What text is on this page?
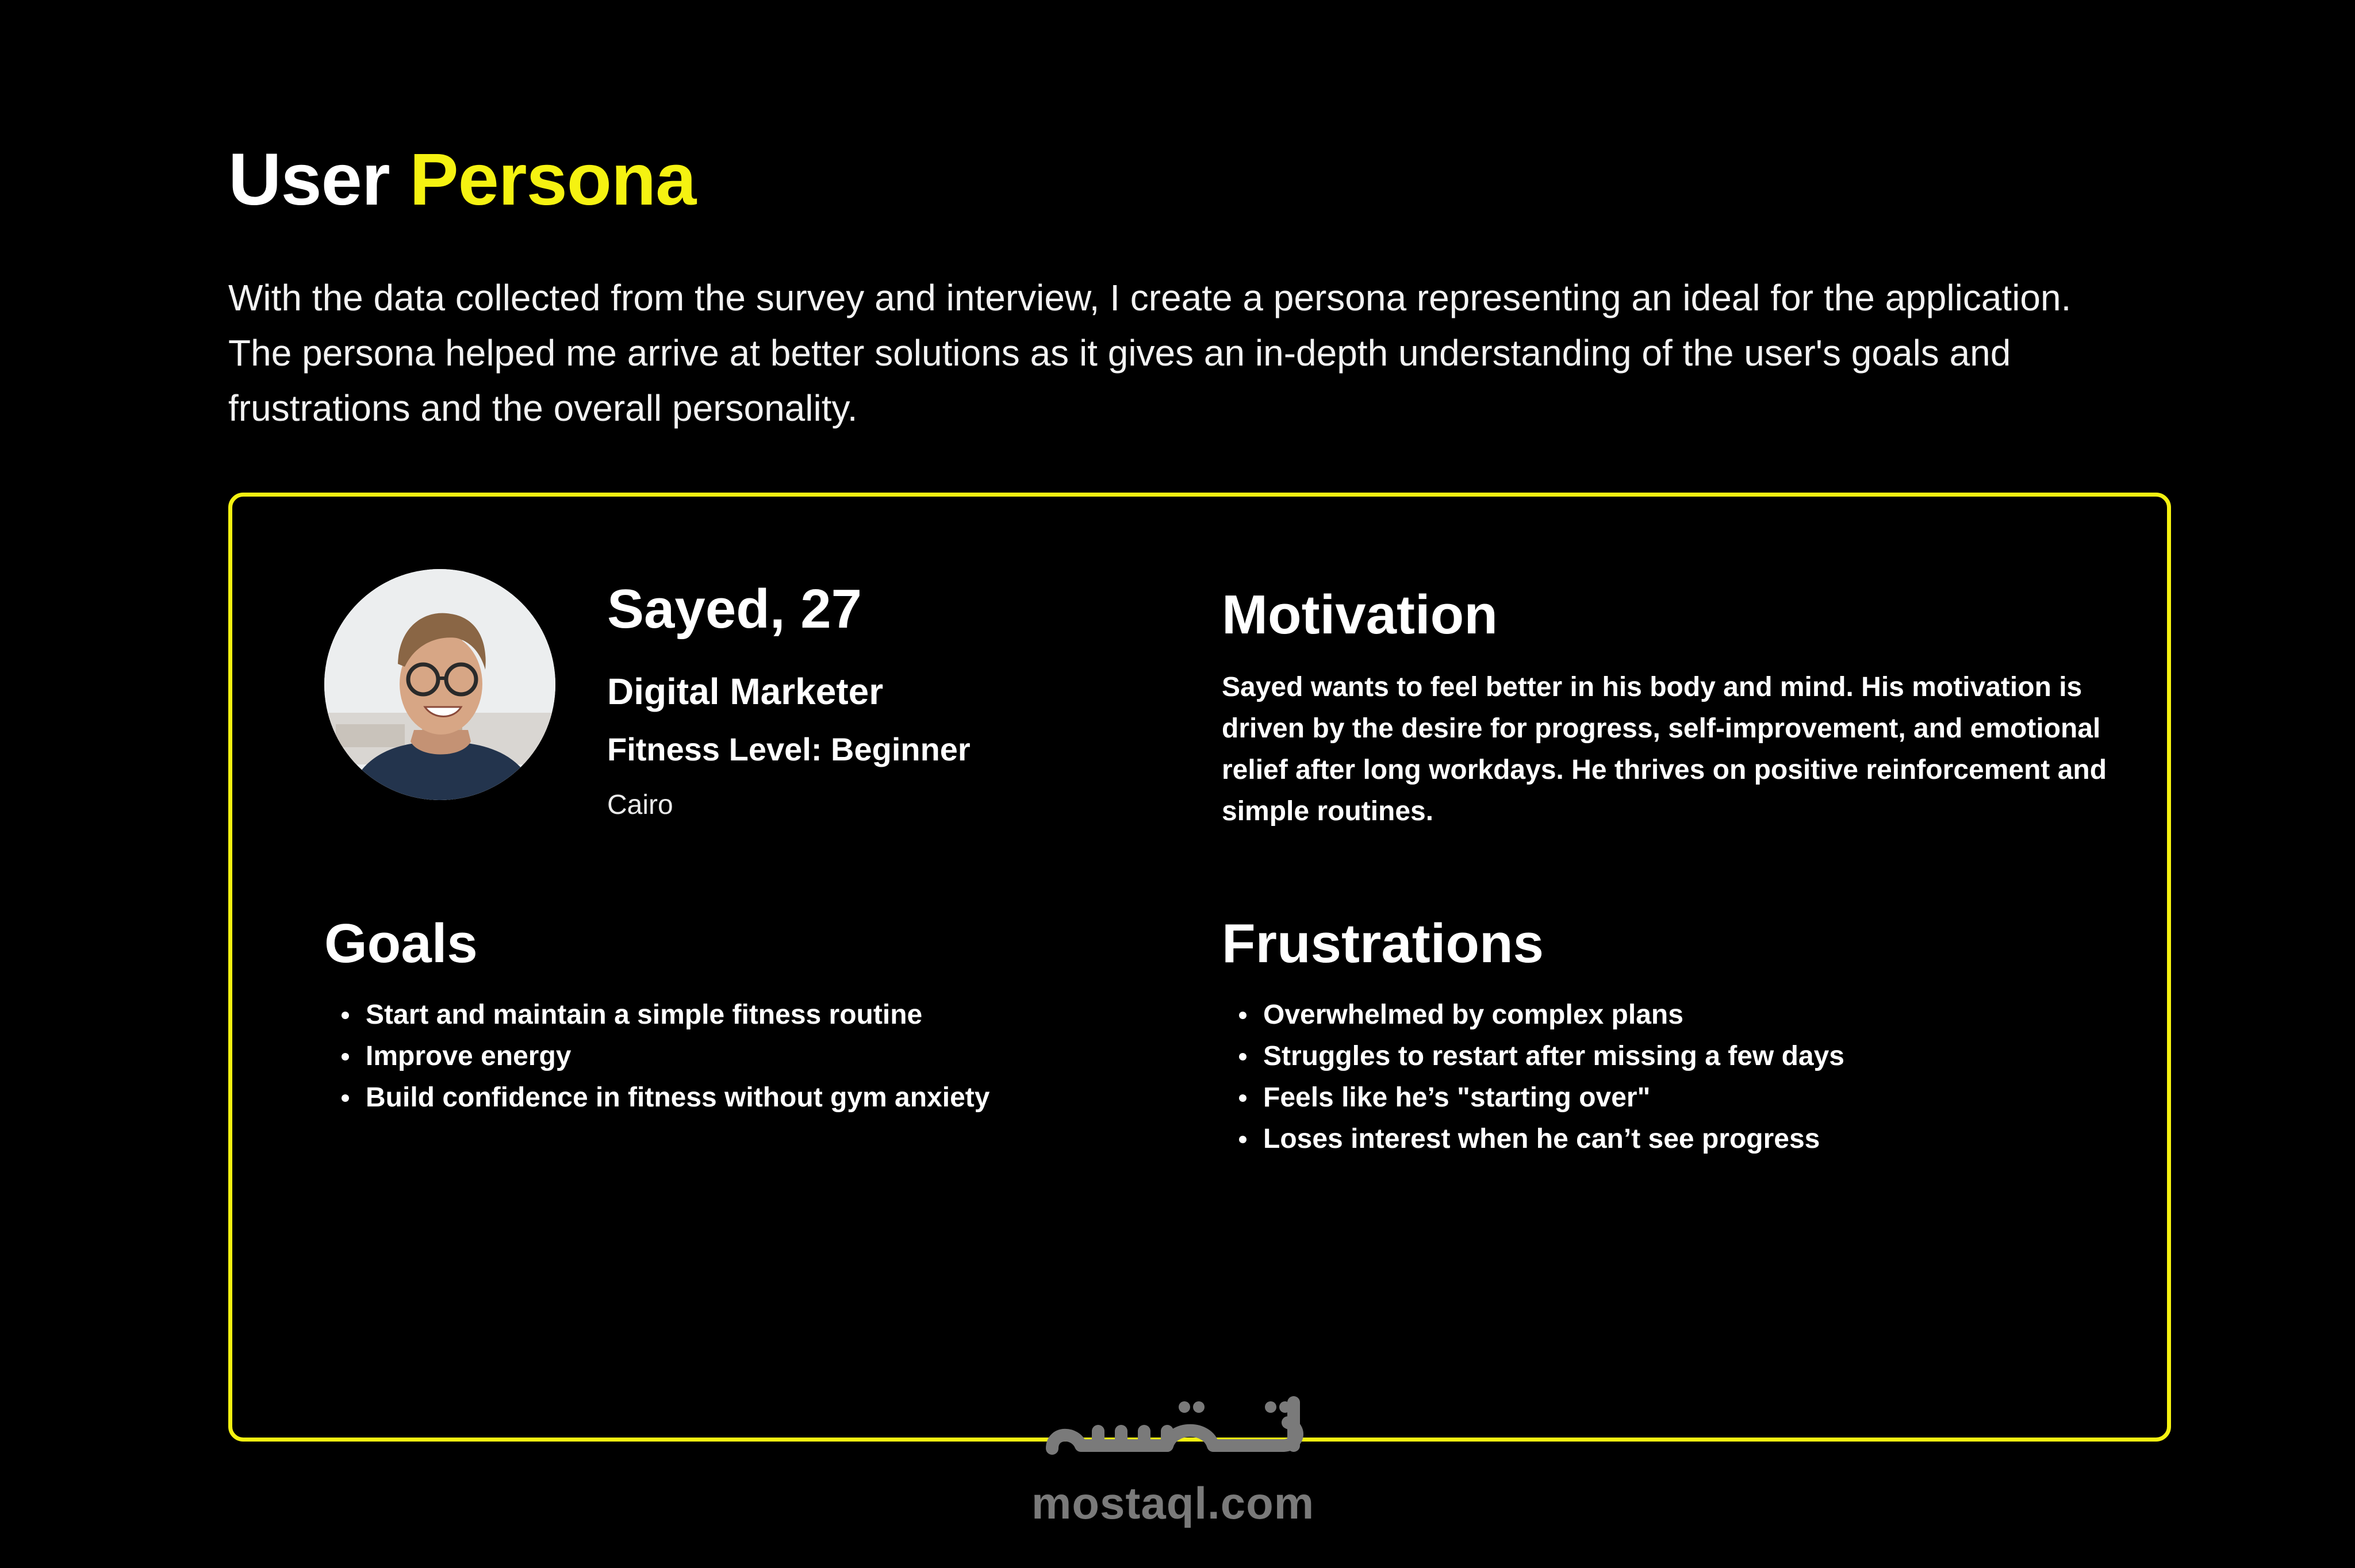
User Persona
With the data collected from the survey and interview, I create a persona representing an ideal for the application. The persona helped me arrive at better solutions as it gives an in-depth understanding of the user's goals and frustrations and the overall personality.
Sayed, 27
Digital Marketer
Fitness Level: Beginner
Cairo
Motivation
Sayed wants to feel better in his body and mind. His motivation is driven by the desire for progress, self-improvement, and emotional relief after long workdays. He thrives on positive reinforcement and simple routines.
Goals
Start and maintain a simple fitness routine
Improve energy
Build confidence in fitness without gym anxiety
Frustrations
Overwhelmed by complex plans
Struggles to restart after missing a few days
Feels like he’s "starting over"
Loses interest when he can’t see progress
mostaql.com
